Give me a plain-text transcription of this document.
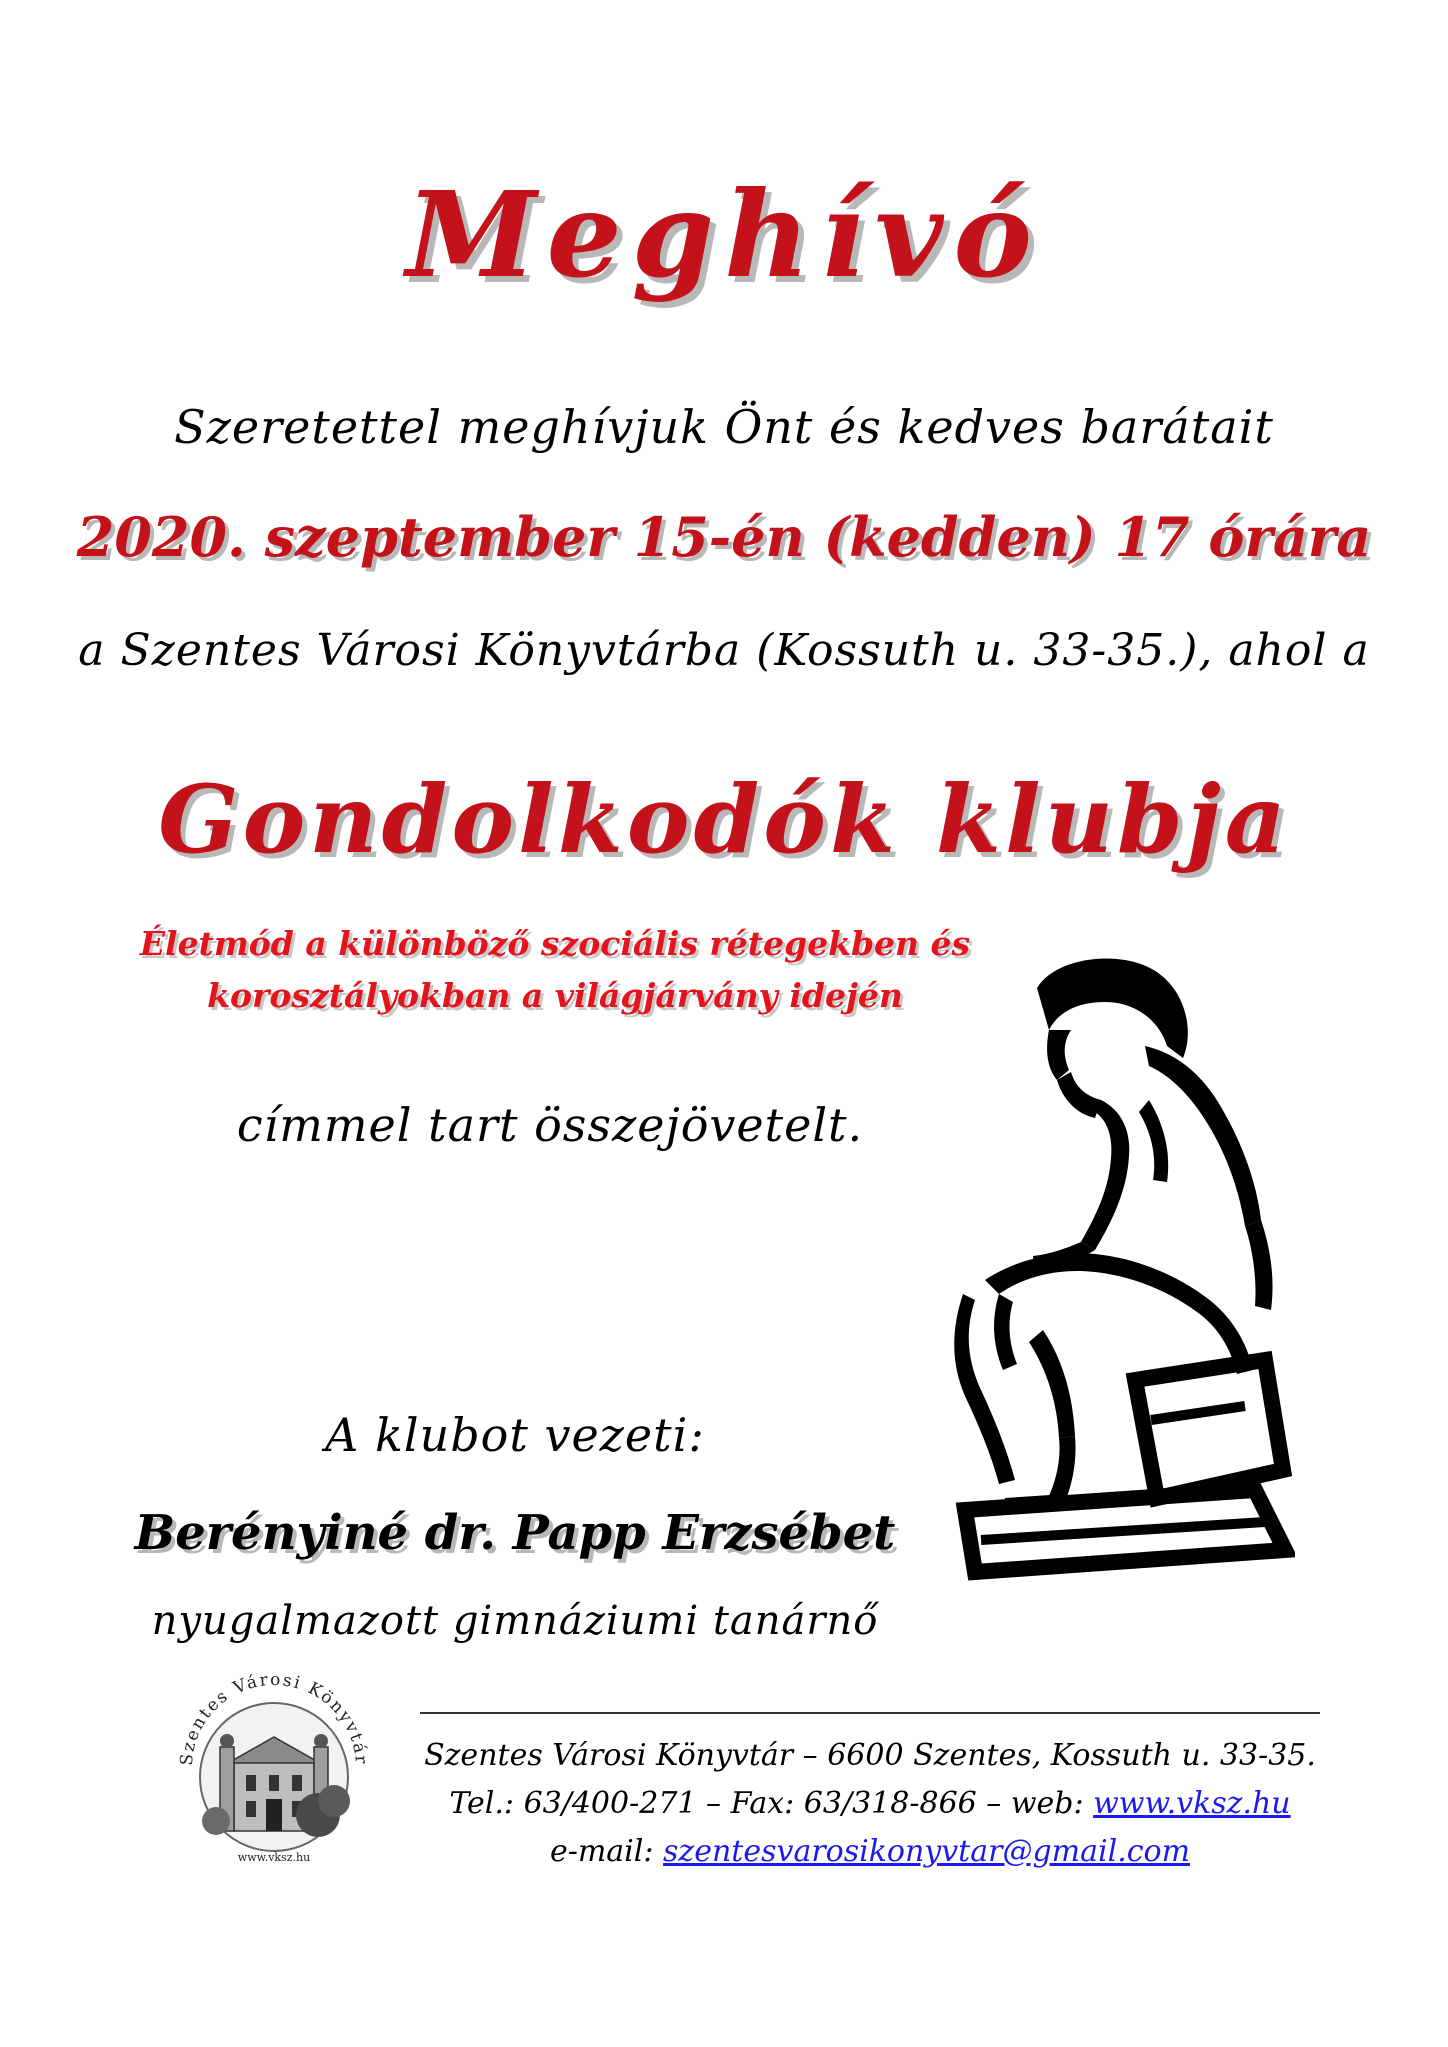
Meghívó
Szeretettel meghívjuk Önt és kedves barátait
2020. szeptember 15-én (kedden) 17 órára
a Szentes Városi Könyvtárba (Kossuth u. 33-35.), ahol a
Gondolkodók klubja
Életmód a különböző szociális rétegekben és
korosztályokban a világjárvány idején
címmel tart összejövetelt.
A klubot vezeti:
Berényiné dr. Papp Erzsébet
nyugalmazott gimnáziumi tanárnő
Szentes Városi Könyvtár
www.vksz.hu
Szentes Városi Könyvtár – 6600 Szentes, Kossuth u. 33-35.
Tel.: 63/400-271 – Fax: 63/318-866 – web: www.vksz.hu
e-mail: szentesvarosikonyvtar@gmail.com
